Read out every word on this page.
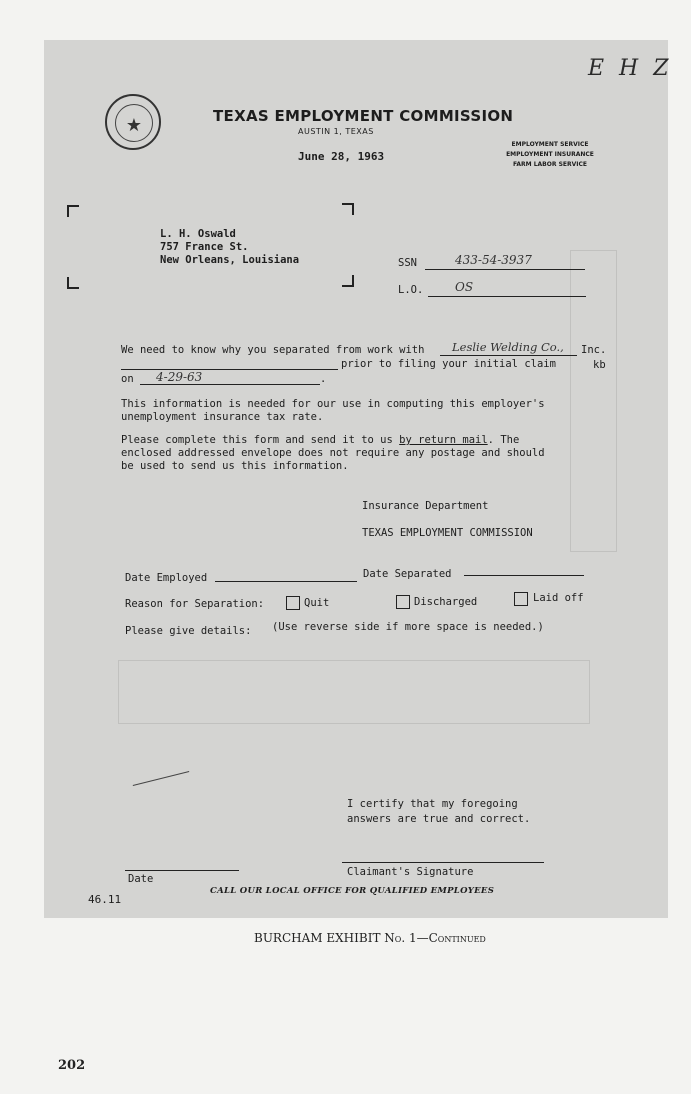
E H Z
★	TEXAS EMPLOYMENT COMMISSION
AUSTIN 1, TEXAS
June 28, 1963
EMPLOYMENT SERVICE
EMPLOYMENT INSURANCE
FARM LABOR SERVICE
L. H. Oswald
757 France St.
New Orleans, Louisiana	SSN	433-54-3937
L.O.	OS
We need to know why you separated from work with Leslie Welding Co., Inc.
prior to filing your initial claim	kb
on 4-29-63	.
This information is needed for our use in computing this employer's
unemployment insurance tax rate.
Please complete this form and send it to us by return mail. The
enclosed addressed envelope does not require any postage and should
be used to send us this information.
Insurance Department
TEXAS EMPLOYMENT COMMISSION
Date Employed	Date Separated
Reason for Separation:	Quit	Discharged	Laid off
Please give details: (Use reverse side if more space is needed.)
I certify that my foregoing
answers are true and correct.
Date
Claimant's Signature
46.11
CALL OUR LOCAL OFFICE FOR QUALIFIED EMPLOYEES
BURCHAM EXHIBIT No. 1—Continued
202
